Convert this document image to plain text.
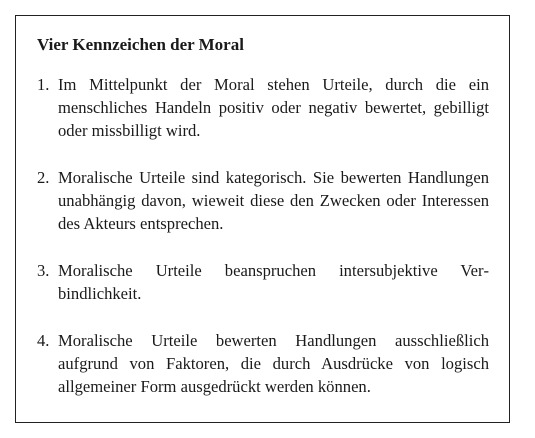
Vier Kennzeichen der Moral
1. Im Mittelpunkt der Moral stehen Urteile, durch die ein menschliches Handeln positiv oder negativ bewertet, gebilligt oder missbilligt wird.
2. Moralische Urteile sind kategorisch. Sie bewerten Handlungen unabhängig davon, wieweit diese den Zwecken oder Interessen des Akteurs entsprechen.
3. Moralische Urteile beanspruchen intersubjektive Verbindlichkeit.
4. Moralische Urteile bewerten Handlungen ausschließlich aufgrund von Faktoren, die durch Ausdrücke von logisch allgemeiner Form ausgedrückt werden können.
